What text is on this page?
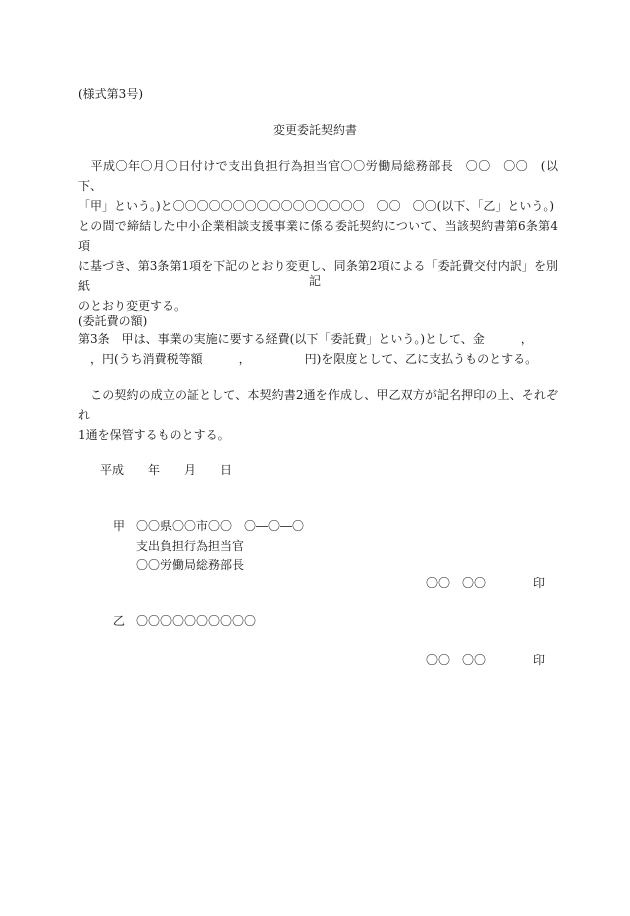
(様式第3号)
変更委託契約書

　平成〇年〇月〇日付けで支出負担行為担当官〇〇労働局総務部長　〇〇　〇〇　(以下、

「甲」という。)と〇〇〇〇〇〇〇〇〇〇〇〇〇〇〇〇　〇〇　〇〇(以下、「乙」という。)

との間で締結した中小企業相談支援事業に係る委託契約について、当該契約書第6条第4項

に基づき、第3条第1項を下記のとおり変更し、同条第2項による「委託費交付内訳」を別紙

のとおり変更する。

記
(委託費の額)

第3条　甲は、事業の実施に要する経費(以下「委託費」という。)として、金　　　，

　，円(うち消費税等額　　　，　　　　　円)を限度として、乙に支払うものとする。

　この契約の成立の証として、本契約書2通を作成し、甲乙双方が記名押印の上、それぞれ

1通を保管するものとする。

平成 年 月 日
甲 〇〇県〇〇市〇〇　〇―〇―〇
支出負担行為担当官
〇〇労働局総務部長
〇〇　〇〇	印
乙 〇〇〇〇〇〇〇〇〇〇
〇〇　〇〇	印
